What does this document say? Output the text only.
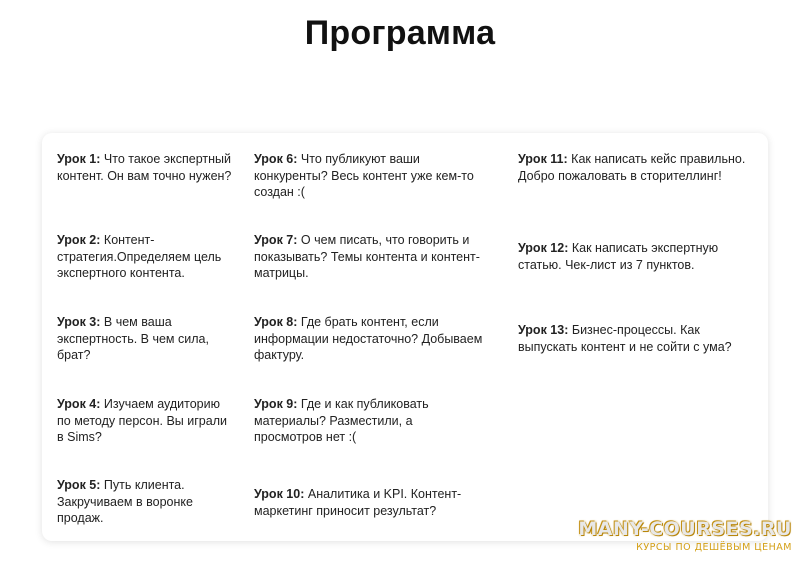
Программа
Урок 1: Что такое экспертный контент. Он вам точно нужен?
Урок 2: Контент-стратегия.Определяем цель экспертного контента.
Урок 3: В чем ваша экспертность. В чем сила, брат?
Урок 4: Изучаем аудиторию по методу персон. Вы играли в Sims?
Урок 5: Путь клиента. Закручиваем в воронке продаж.
Урок 6: Что публикуют ваши конкуренты? Весь контент уже кем-то создан :(
Урок 7: О чем писать, что говорить и показывать? Темы контента и контент-матрицы.
Урок 8: Где брать контент, если информации недостаточно? Добываем фактуру.
Урок 9: Где и как публиковать материалы? Разместили, а просмотров нет :(
Урок 10: Аналитика и KPI. Контент-маркетинг приносит результат?
Урок 11: Как написать кейс правильно. Добро пожаловать в сторителлинг!
Урок 12: Как написать экспертную статью. Чек-лист из 7 пунктов.
Урок 13: Бизнес-процессы. Как выпускать контент и не сойти с ума?
MANY-COURSES.RU
КУРСЫ ПО ДЕШЁВЫМ ЦЕНАМ
